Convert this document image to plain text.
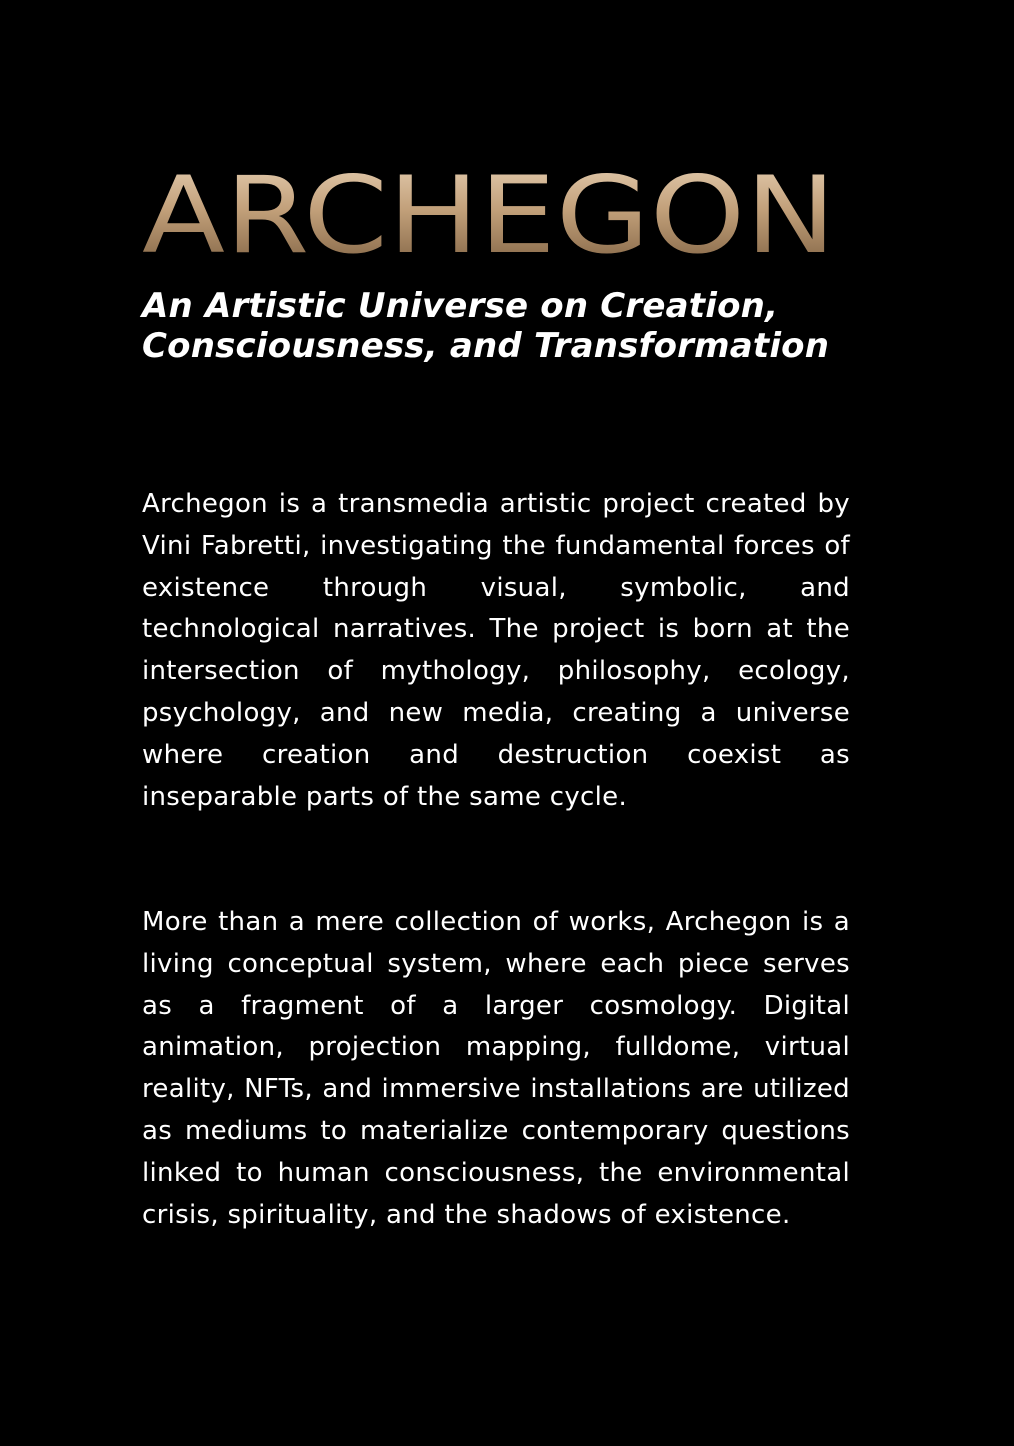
ARCHEGON
An Artistic Universe on Creation,
Consciousness, and Transformation

Archegon is a transmedia artistic project created by Vini Fabretti, investigating the fundamental forces of existence through visual, symbolic, and technological narratives. The project is born at the intersection of mythology, philosophy, ecology, psychology, and new media, creating a universe where creation and destruction coexist as inseparable parts of the same cycle.

More than a mere collection of works, Archegon is a living conceptual system, where each piece serves as a fragment of a larger cosmology. Digital animation, projection mapping, fulldome, virtual reality, NFTs, and immersive installations are utilized as mediums to materialize contemporary questions linked to human consciousness, the environmental crisis, spirituality, and the shadows of existence.
